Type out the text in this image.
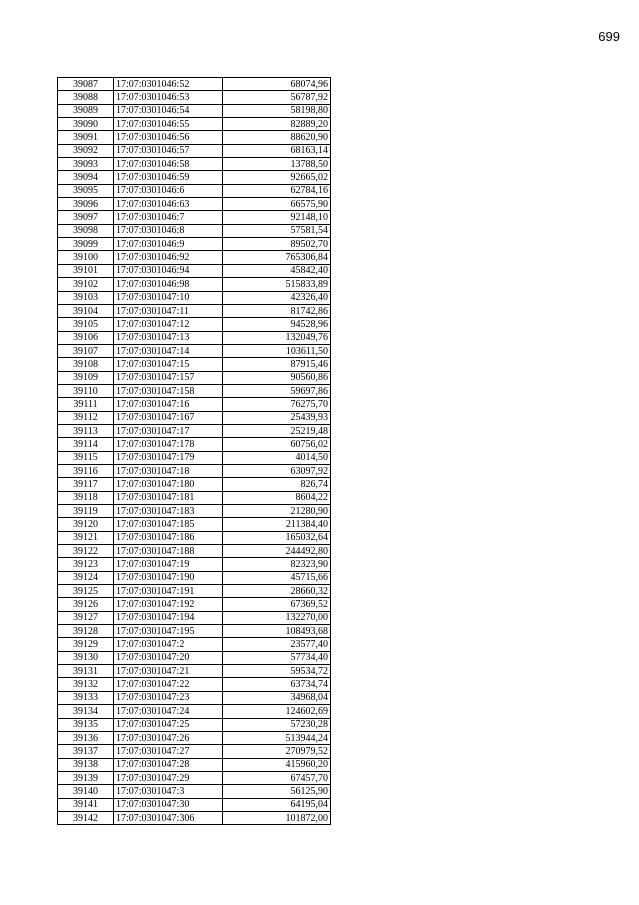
699
39087	17:07:0301046:52	68074,96
39088	17:07:0301046:53	56787,92
39089	17:07:0301046:54	58198,80
39090	17:07:0301046:55	82889,20
39091	17:07:0301046:56	88620,90
39092	17:07:0301046:57	68163,14
39093	17:07:0301046:58	13788,50
39094	17:07:0301046:59	92665,02
39095	17:07:0301046:6	62784,16
39096	17:07:0301046:63	66575,90
39097	17:07:0301046:7	92148,10
39098	17:07:0301046:8	57581,54
39099	17:07:0301046:9	89502,70
39100	17:07:0301046:92	765306,84
39101	17:07:0301046:94	45842,40
39102	17:07:0301046:98	515833,89
39103	17:07:0301047:10	42326,40
39104	17:07:0301047:11	81742,86
39105	17:07:0301047:12	94528,96
39106	17:07:0301047:13	132049,76
39107	17:07:0301047:14	103611,50
39108	17:07:0301047:15	87915,46
39109	17:07:0301047:157	90560,86
39110	17:07:0301047:158	59697,86
39111	17:07:0301047:16	76275,70
39112	17:07:0301047:167	25439,93
39113	17:07:0301047:17	25219,48
39114	17:07:0301047:178	60756,02
39115	17:07:0301047:179	4014,50
39116	17:07:0301047:18	63097,92
39117	17:07:0301047:180	826,74
39118	17:07:0301047:181	8604,22
39119	17:07:0301047:183	21280,90
39120	17:07:0301047:185	211384,40
39121	17:07:0301047:186	165032,64
39122	17:07:0301047:188	244492,80
39123	17:07:0301047:19	82323,90
39124	17:07:0301047:190	45715,66
39125	17:07:0301047:191	28660,32
39126	17:07:0301047:192	67369,52
39127	17:07:0301047:194	132270,00
39128	17:07:0301047:195	108493,68
39129	17:07:0301047:2	23577,40
39130	17:07:0301047:20	57734,40
39131	17:07:0301047:21	59534,72
39132	17:07:0301047:22	63734,74
39133	17:07:0301047:23	34968,04
39134	17:07:0301047:24	124602,69
39135	17:07:0301047:25	57230,28
39136	17:07:0301047:26	513944,24
39137	17:07:0301047:27	270979,52
39138	17:07:0301047:28	415960,20
39139	17:07:0301047:29	67457,70
39140	17:07:0301047:3	56125,90
39141	17:07:0301047:30	64195,04
39142	17:07:0301047:306	101872,00
